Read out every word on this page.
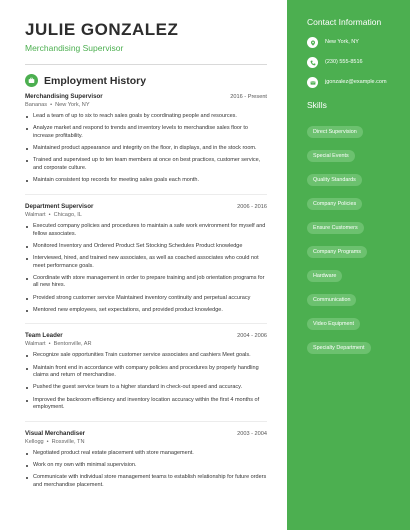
JULIE GONZALEZ
Merchandising Supervisor
Employment History
Merchandising Supervisor	2016 - Present
Bananas • New York, NY
Lead a team of up to six to reach sales goals by coordinating people and resources.
Analyze market and respond to trends and inventory levels to merchandise sales floor to increase profitability.
Maintained product appearance and integrity on the floor, in displays, and in the stock room.
Trained and supervised up to ten team members at once on best practices, customer service, and corporate culture.
Maintain consistent top records for meeting sales goals each month.
Department Supervisor	2006 - 2016
Walmart • Chicago, IL
Executed company policies and procedures to maintain a safe work environment for myself and fellow associates.
Monitored Inventory and Ordered Product Set Stocking Schedules Product knowledge
Interviewed, hired, and trained new associates, as well as coached associates who could not meet performance goals.
Coordinate with store management in order to prepare training and job orientation programs for all new hires.
Provided strong customer service Maintained inventory continuity and perpetual accuracy
Mentored new employees, set expectations, and provided product knowledge.
Team Leader	2004 - 2006
Walmart • Bentonville, AR
Recognize sale opportunities Train customer service associates and cashiers Meet goals.
Maintain front end in accordance with company policies and procedures by properly handling claims and return of merchandise.
Pushed the guest service team to a higher standard in check-out speed and accuracy.
Improved the backroom efficiency and inventory location accuracy within the first 4 months of employment.
Visual Merchandiser	2003 - 2004
Kellogg • Rossville, TN
Negotiated product real estate placement with store management.
Work on my own with minimal supervision.
Communicate with individual store management teams to establish relationship for future orders and merchandise placement.
Contact Information
New York, NY
(230) 555-8516
jgonzalez@example.com
Skills
Direct Supervision
Special Events
Quality Standards
Company Policies
Ensure Customers
Company Programs
Hardware
Communication
Video Equipment
Specialty Department
